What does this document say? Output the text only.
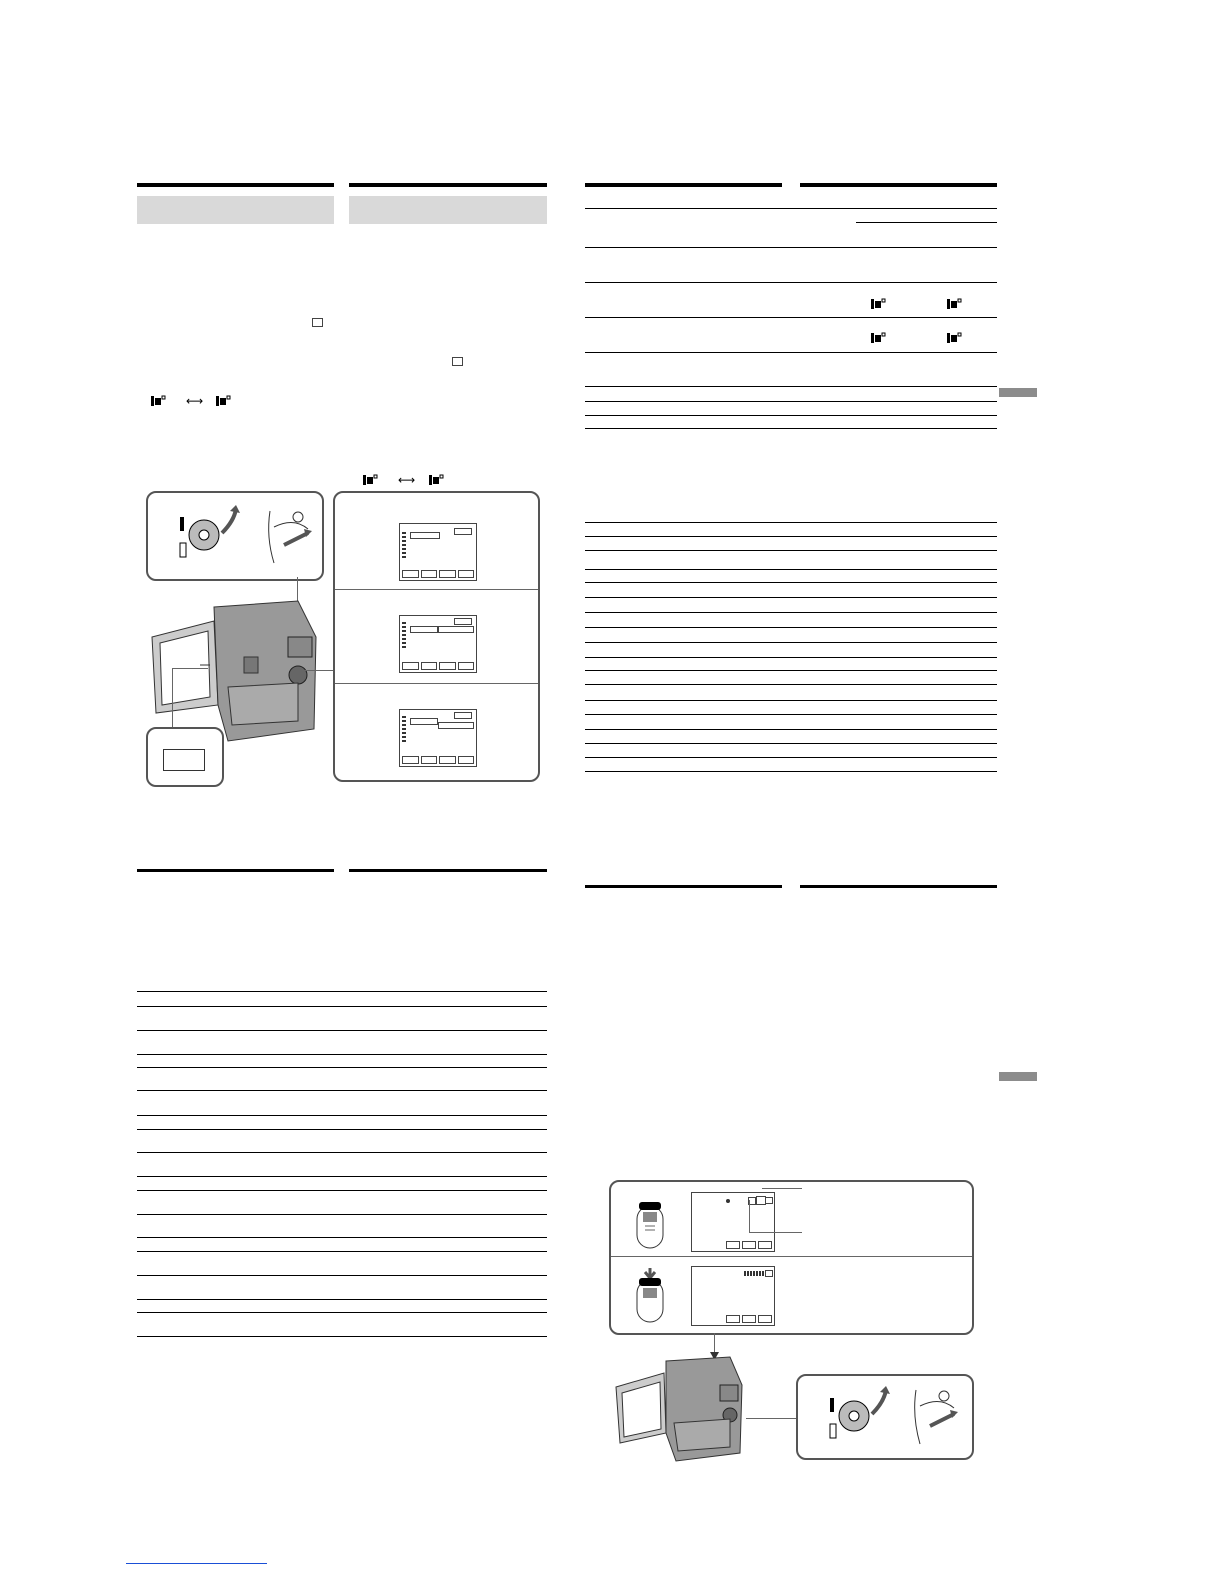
⟷
⟷
